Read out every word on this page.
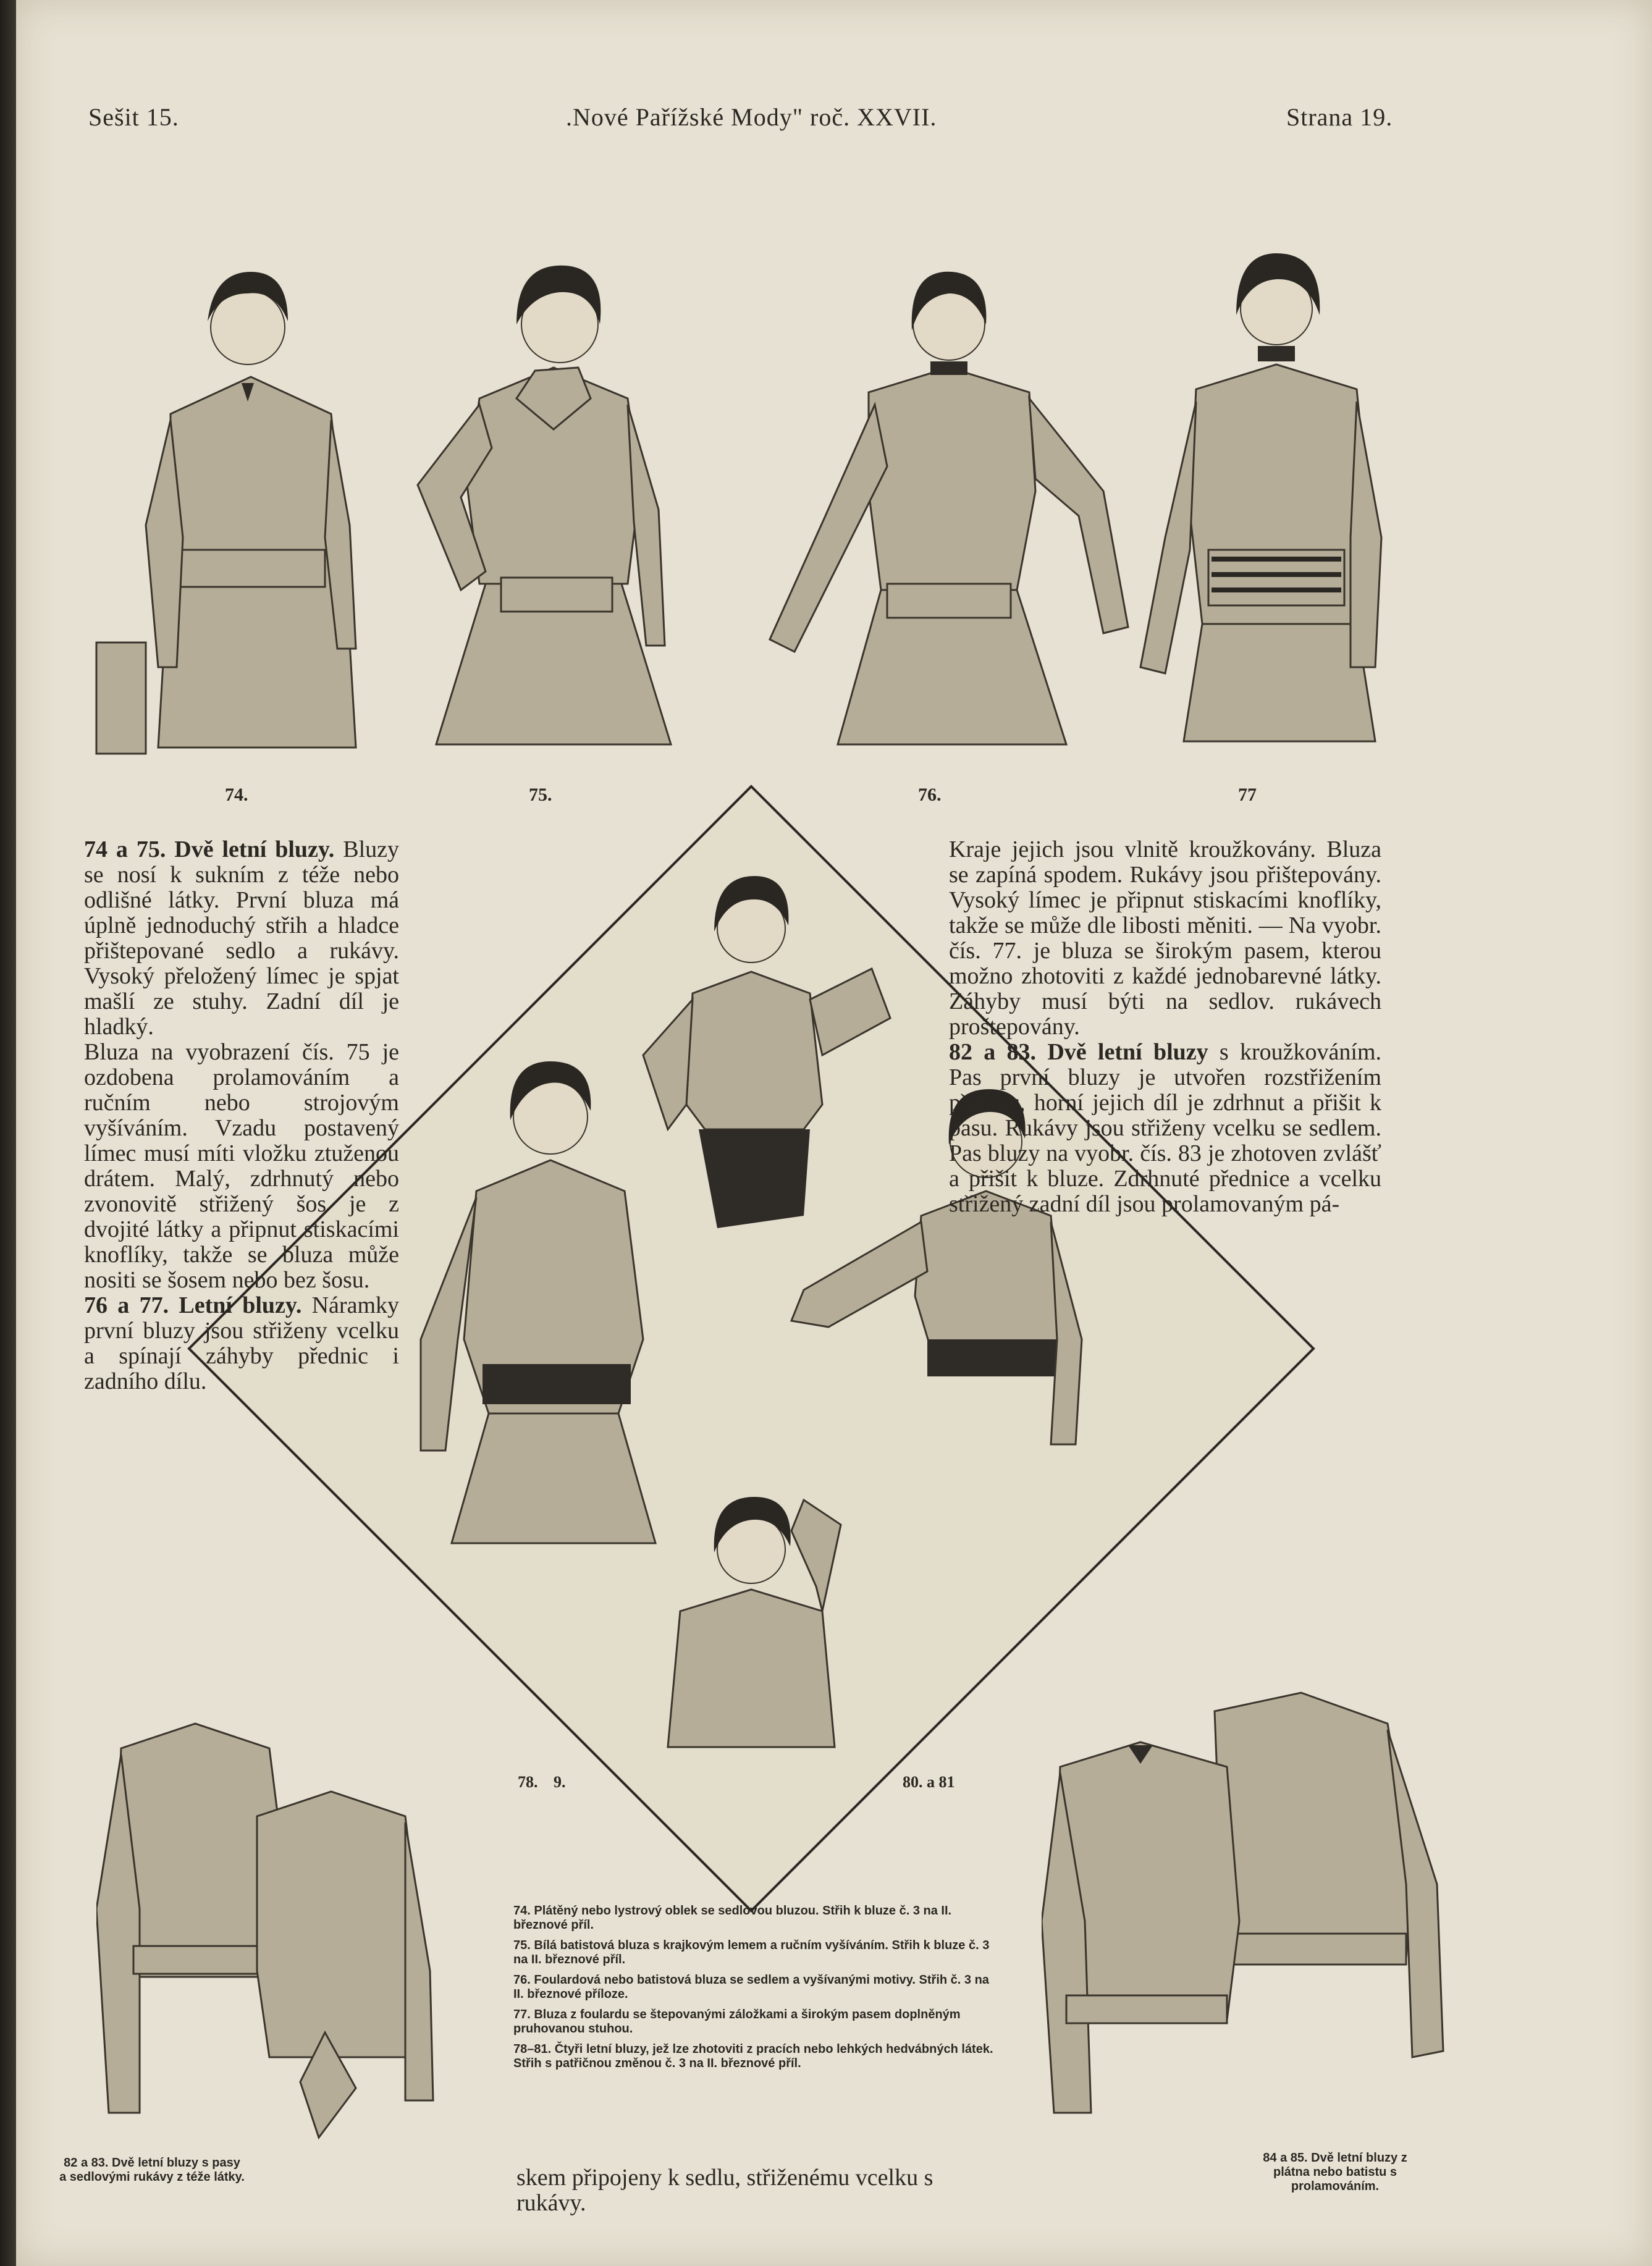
Sešit 15.	.Nové Pařížské Mody" roč. XXVII.	Strana 19.
74.	75.	76.	77

74 a 75. Dvě letní bluzy. Bluzy se nosí k sukním z téže nebo odlišné látky. První bluza má úplně jednoduchý střih a hladce přištepované sedlo a rukávy. Vysoký přeložený límec je spjat mašlí ze stuhy. Zadní díl je hladký.

Bluza na vyobrazení čís. 75 je ozdobena prolamováním a ručním nebo strojovým vyšíváním. Vzadu postavený límec musí míti vložku ztuženou drátem. Malý, zdrhnutý nebo zvonovitě střižený šos je z dvojité látky a připnut stiskacími knoflíky, takže se bluza může nositi se šosem nebo bez šosu.

76 a 77. Letní bluzy. Náramky první bluzy jsou střiženy vcelku a spínají záhyby přednic i zadního dílu.

Kraje jejich jsou vlnitě kroužkovány. Bluza se zapíná spodem. Rukávy jsou přištepovány. Vysoký límec je připnut stiskacími knoflíky, takže se může dle libosti měniti. — Na vyobr. čís. 77. je bluza se širokým pasem, kterou možno zhotoviti z každé jednobarevné látky. Záhyby musí býti na sedlov. rukávech proštepovány.

82 a 83. Dvě letní bluzy s kroužkováním. Pas první bluzy je utvořen rozstřižením přednic, horní jejich díl je zdrhnut a přišit k pasu. Rukávy jsou střiženy vcelku se sedlem. Pas bluzy na vyobr. čís. 83 je zhotoven zvlášť a přišit k bluze. Zdrhnuté přednice a vcelku střižený zadní díl jsou prolamovaným pá-

78. 9.	80. a 81
74. Plátěný nebo lystrový oblek se sedlovou bluzou. Střih k bluze č. 3 na II. březnové příl.
75. Bílá batistová bluza s krajkovým lemem a ručním vyšíváním. Střih k bluze č. 3 na II. březnové příl.
76. Foulardová nebo batistová bluza se sedlem a vyšívanými motivy. Střih č. 3 na II. březnové příloze.
77. Bluza z foulardu se štepovanými záložkami a širokým pasem doplněným pruhovanou stuhou.
78–81. Čtyři letní bluzy, jež lze zhotoviti z pracích nebo lehkých hedvábných látek. Střih s patřičnou změnou č. 3 na II. březnové příl.
82 a 83. Dvě letní bluzy s pasy a sedlovými rukávy z téže látky.
84 a 85. Dvě letní bluzy z plátna nebo batistu s prolamováním.
skem připojeny k sedlu, střiženému vcelku s rukávy.
